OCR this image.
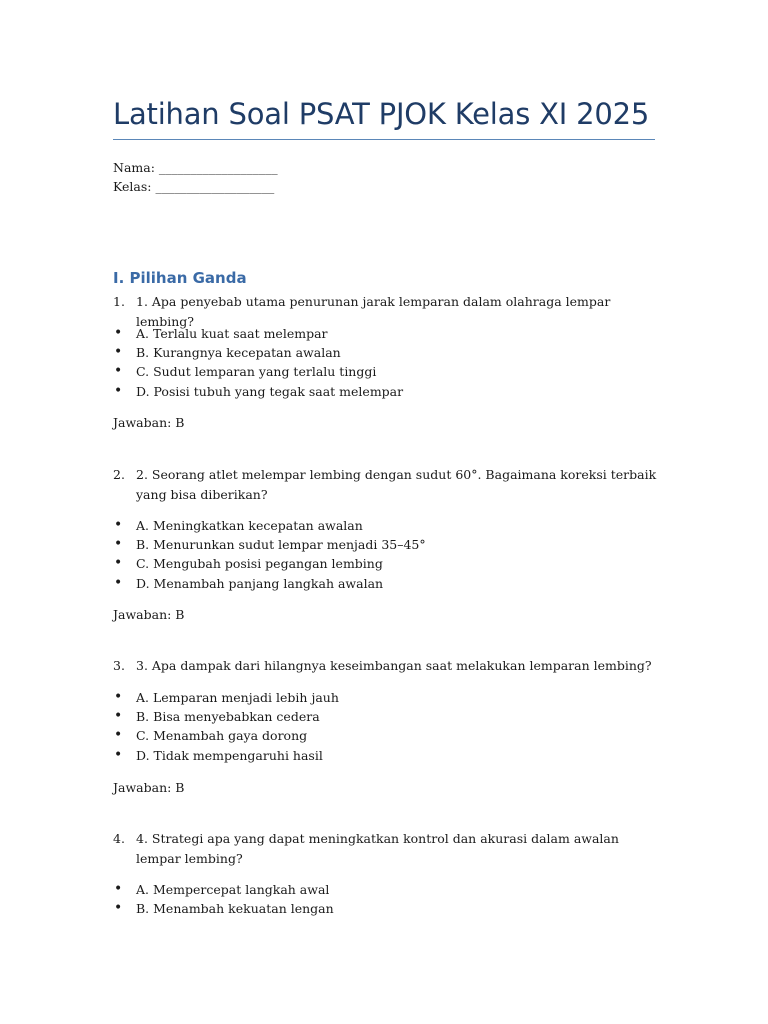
Latihan Soal PSAT PJOK Kelas XI 2025
Nama: ___________________
Kelas: ___________________
I. Pilihan Ganda
1. 1. Apa penyebab utama penurunan jarak lemparan dalam olahraga lempar lembing?
• A. Terlalu kuat saat melempar
• B. Kurangnya kecepatan awalan
• C. Sudut lemparan yang terlalu tinggi
• D. Posisi tubuh yang tegak saat melempar
Jawaban: B
2. 2. Seorang atlet melempar lembing dengan sudut 60°. Bagaimana koreksi terbaik yang bisa diberikan?
• A. Meningkatkan kecepatan awalan
• B. Menurunkan sudut lempar menjadi 35–45°
• C. Mengubah posisi pegangan lembing
• D. Menambah panjang langkah awalan
Jawaban: B
3. 3. Apa dampak dari hilangnya keseimbangan saat melakukan lemparan lembing?
• A. Lemparan menjadi lebih jauh
• B. Bisa menyebabkan cedera
• C. Menambah gaya dorong
• D. Tidak mempengaruhi hasil
Jawaban: B
4. 4. Strategi apa yang dapat meningkatkan kontrol dan akurasi dalam awalan lempar lembing?
• A. Mempercepat langkah awal
• B. Menambah kekuatan lengan
